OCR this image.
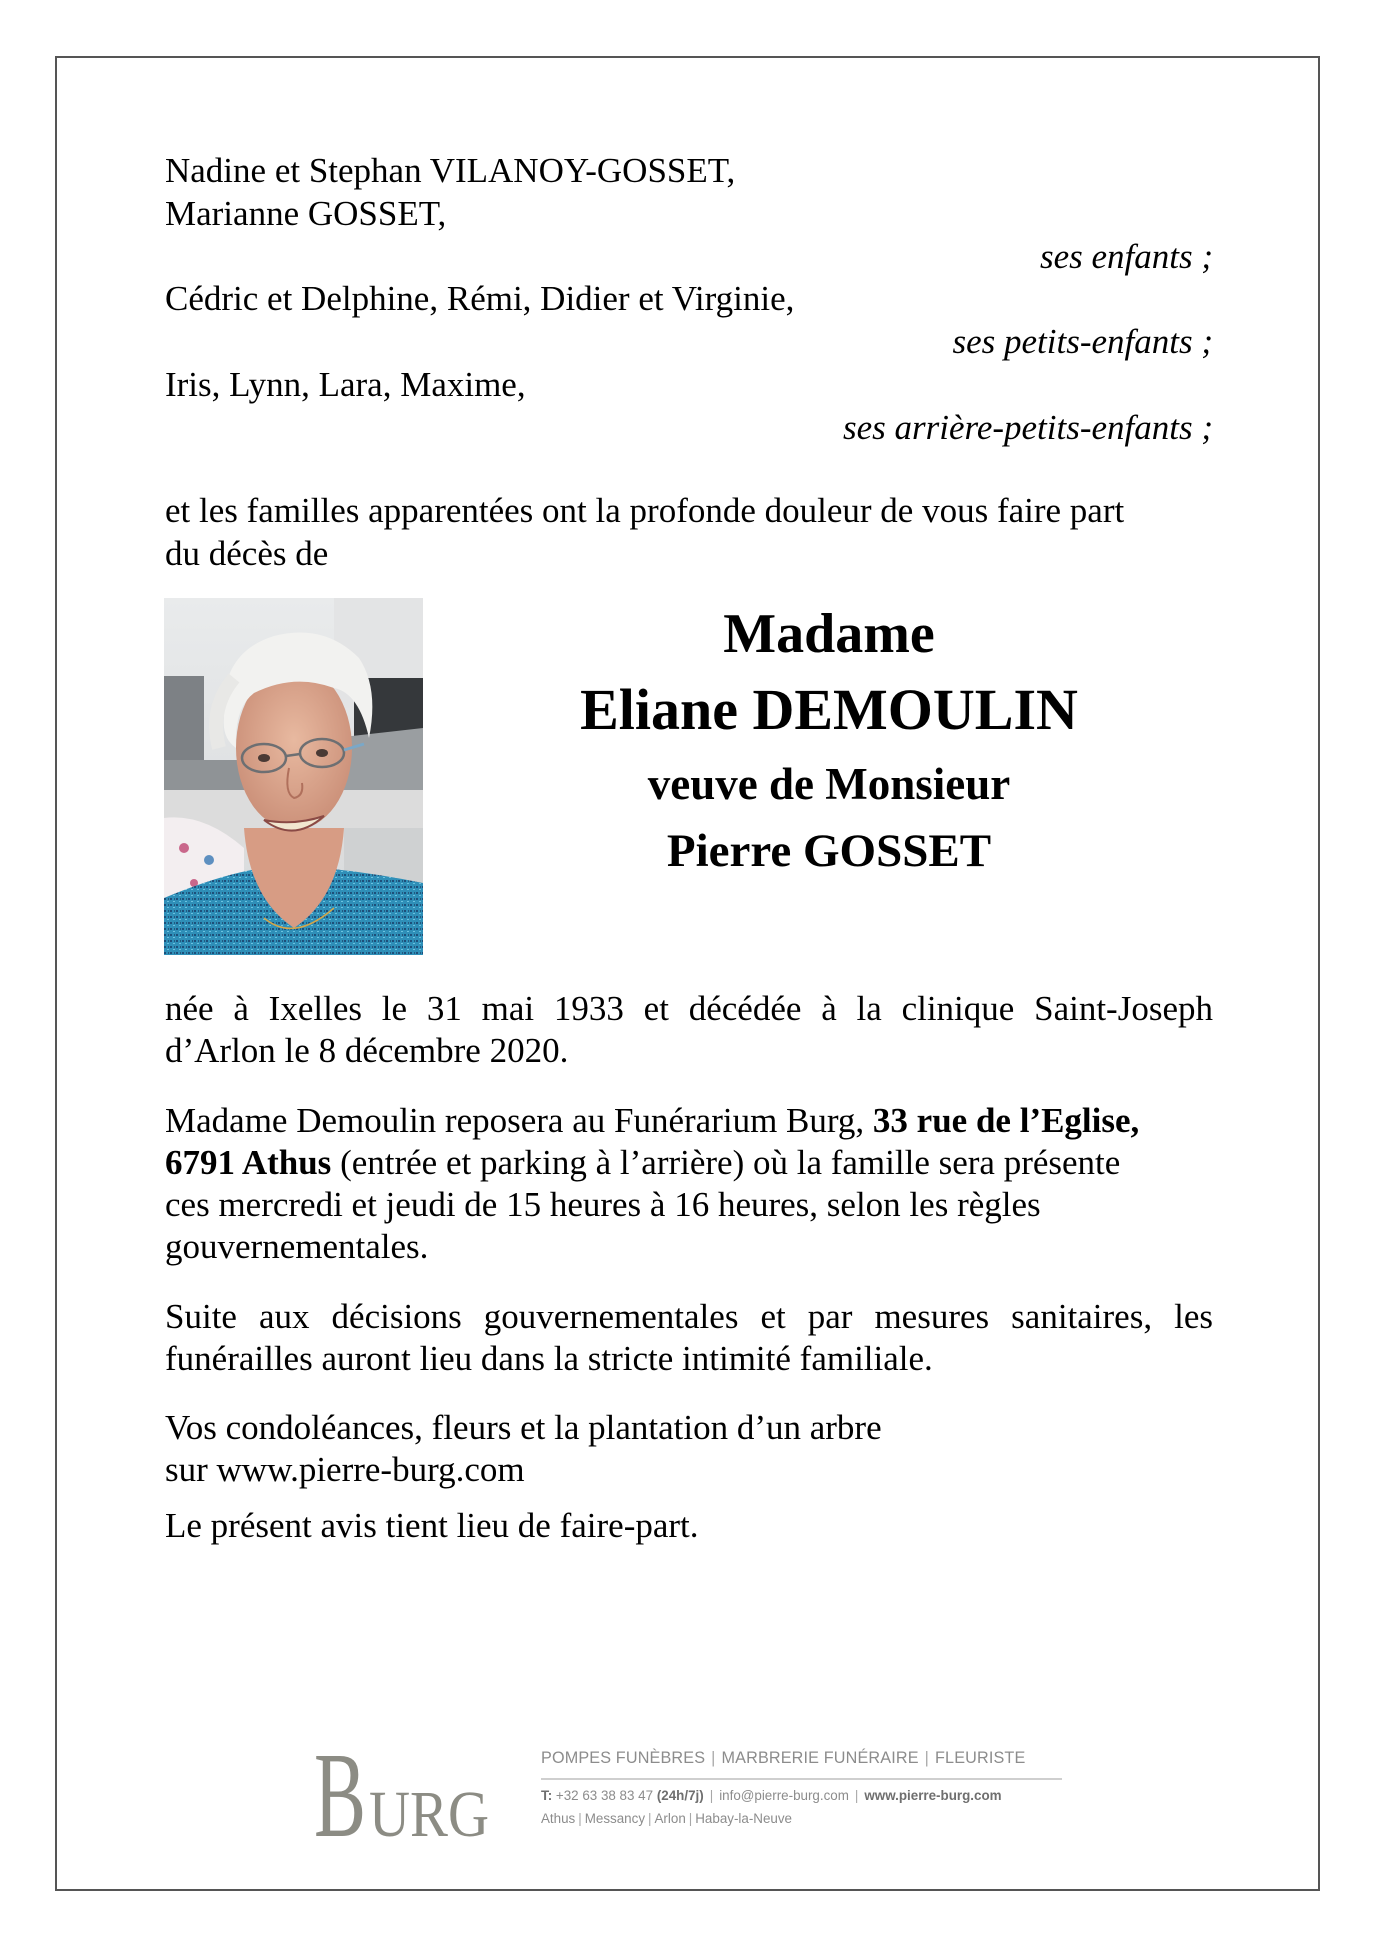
Nadine et Stephan VILANOY-GOSSET,
Marianne GOSSET,
ses enfants ;
Cédric et Delphine, Rémi, Didier et Virginie,
ses petits-enfants ;
Iris, Lynn, Lara, Maxime,
ses arrière-petits-enfants ;
et les familles apparentées ont la profonde douleur de vous faire part
du décès de
Madame
Eliane DEMOULIN
veuve de Monsieur
Pierre GOSSET
née à Ixelles le 31 mai 1933 et décédée à la clinique Saint-Joseph
d’Arlon le 8 décembre 2020.
Madame Demoulin reposera au Funérarium Burg, 33 rue de l’Eglise,
6791 Athus (entrée et parking à l’arrière) où la famille sera présente
ces mercredi et jeudi de 15 heures à 16 heures, selon les règles
gouvernementales.
Suite aux décisions gouvernementales et par mesures sanitaires, les
funérailles auront lieu dans la stricte intimité familiale.
Vos condoléances, fleurs et la plantation d’un arbre
sur www.pierre-burg.com
Le présent avis tient lieu de faire-part.
B URG
POMPES FUNÈBRES | MARBRERIE FUNÉRAIRE | FLEURISTE
T: +32 63 38 83 47 (24h/7j) | info@pierre-burg.com | www.pierre-burg.com
Athus | Messancy | Arlon | Habay-la-Neuve
